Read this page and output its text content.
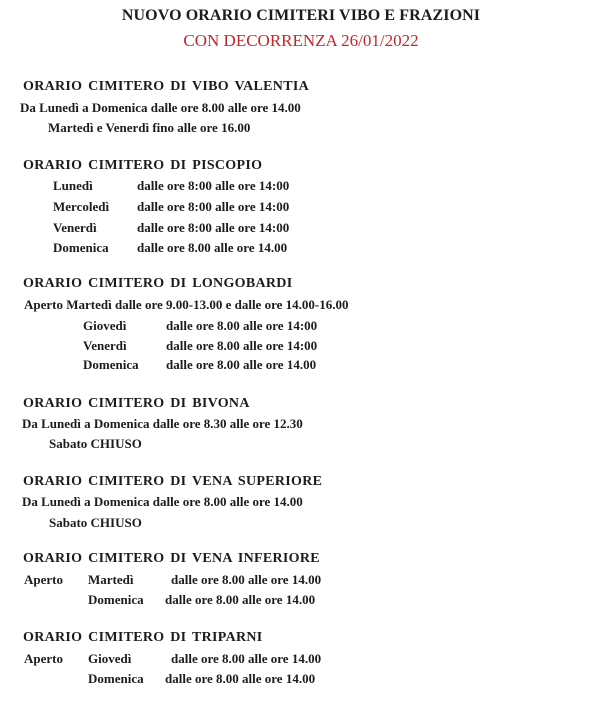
NUOVO ORARIO CIMITERI VIBO E FRAZIONI
CON DECORRENZA 26/01/2022
ORARIO CIMITERO DI VIBO VALENTIA
Da Lunedì a Domenica dalle ore 8.00 alle ore 14.00
Martedì e Venerdì fino alle ore 16.00
ORARIO CIMITERO DI PISCOPIO
Lunedì	dalle ore 8:00 alle ore 14:00
Mercoledì dalle ore 8:00 alle ore 14:00
Venerdì	dalle ore 8:00 alle ore 14:00
Domenica dalle ore 8.00 alle ore 14.00
ORARIO CIMITERO DI LONGOBARDI
Aperto Martedì dalle ore 9.00-13.00 e dalle ore 14.00-16.00
Giovedì	dalle ore 8.00 alle ore 14:00
Venerdì	dalle ore 8.00 alle ore 14:00
Domenica dalle ore 8.00 alle ore 14.00
ORARIO CIMITERO DI BIVONA
Da Lunedì a Domenica dalle ore 8.30 alle ore 12.30
Sabato CHIUSO
ORARIO CIMITERO DI VENA SUPERIORE
Da Lunedì a Domenica dalle ore 8.00 alle ore 14.00
Sabato CHIUSO
ORARIO CIMITERO DI VENA INFERIORE
Aperto Martedì	dalle ore 8.00 alle ore 14.00
Domenica dalle ore 8.00 alle ore 14.00
ORARIO CIMITERO DI TRIPARNI
Aperto Giovedì	dalle ore 8.00 alle ore 14.00
Domenica dalle ore 8.00 alle ore 14.00
